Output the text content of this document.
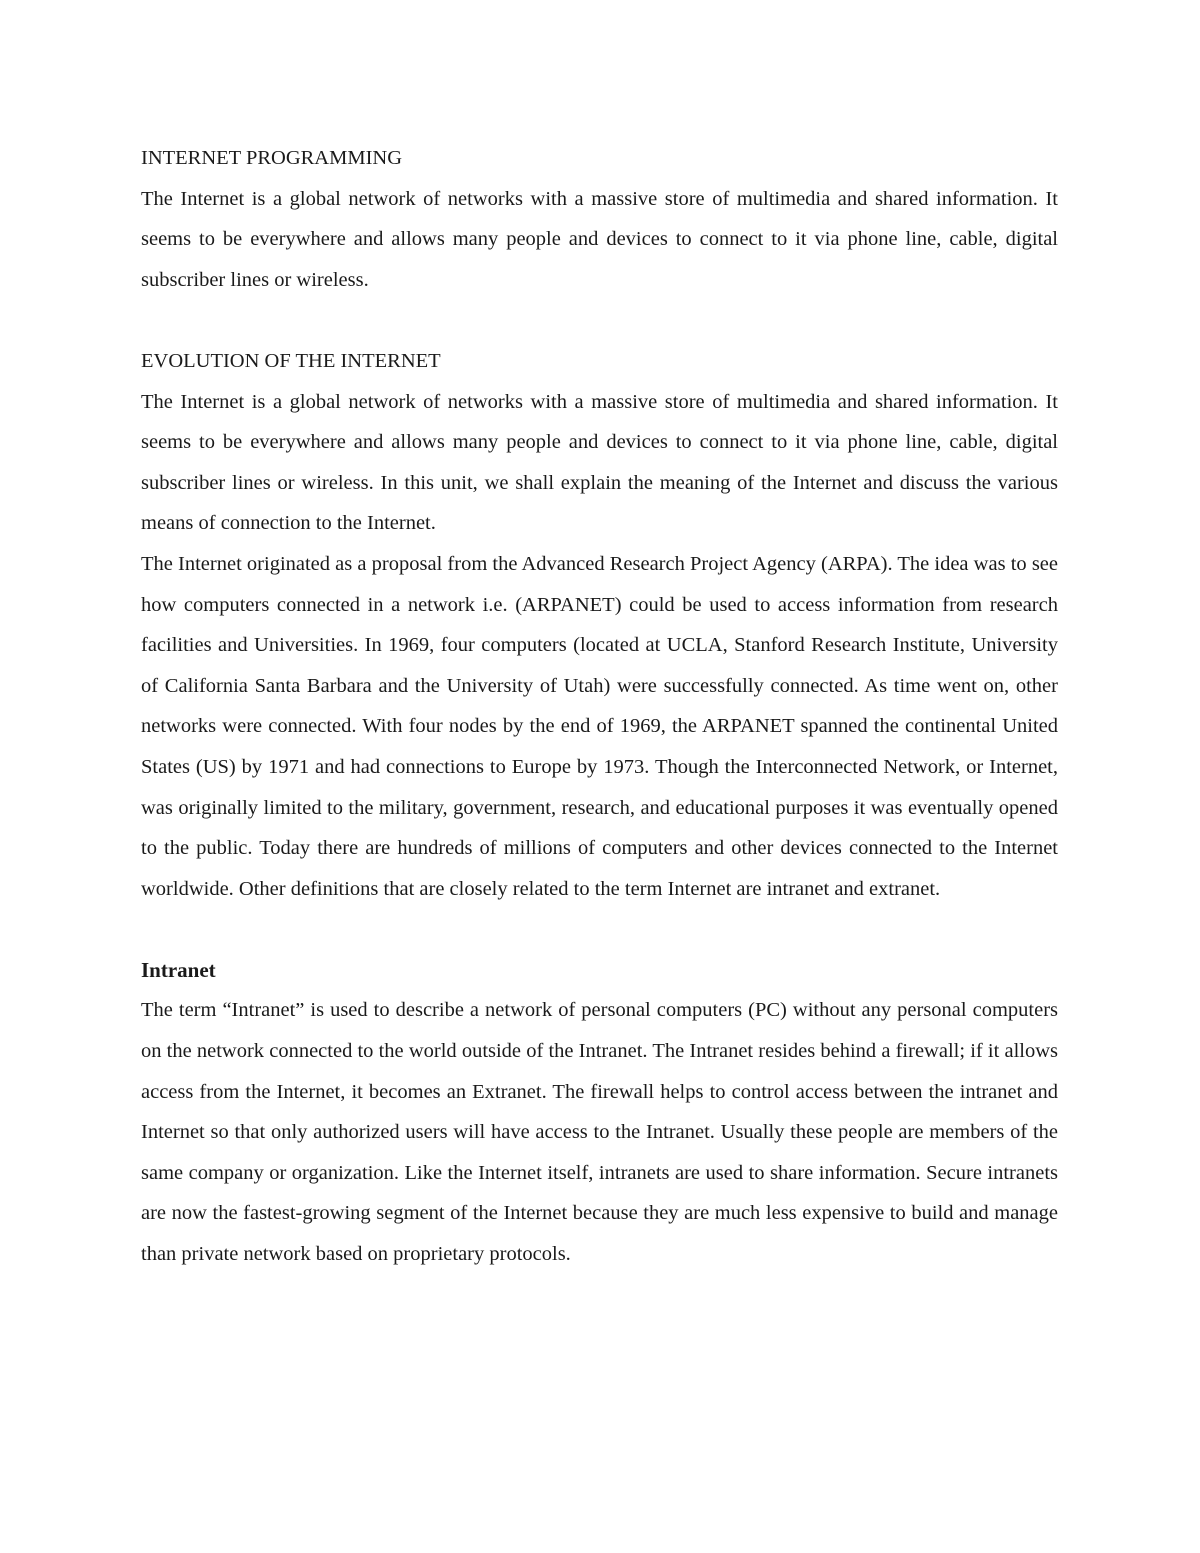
INTERNET PROGRAMMING

The Internet is a global network of networks with a massive store of multimedia and shared information. It seems to be everywhere and allows many people and devices to connect to it via phone line, cable, digital subscriber lines or wireless.

EVOLUTION OF THE INTERNET

The Internet is a global network of networks with a massive store of multimedia and shared information. It seems to be everywhere and allows many people and devices to connect to it via phone line, cable, digital subscriber lines or wireless. In this unit, we shall explain the meaning of the Internet and discuss the various means of connection to the Internet.

The Internet originated as a proposal from the Advanced Research Project Agency (ARPA). The idea was to see how computers connected in a network i.e. (ARPANET) could be used to access information from research facilities and Universities. In 1969, four computers (located at UCLA, Stanford Research Institute, University of California Santa Barbara and the University of Utah) were successfully connected. As time went on, other networks were connected. With four nodes by the end of 1969, the ARPANET spanned the continental United States (US) by 1971 and had connections to Europe by 1973. Though the Interconnected Network, or Internet, was originally limited to the military, government, research, and educational purposes it was eventually opened to the public. Today there are hundreds of millions of computers and other devices connected to the Internet worldwide. Other definitions that are closely related to the term Internet are intranet and extranet.

Intranet

The term “Intranet” is used to describe a network of personal computers (PC) without any personal computers on the network connected to the world outside of the Intranet. The Intranet resides behind a firewall; if it allows access from the Internet, it becomes an Extranet. The firewall helps to control access between the intranet and Internet so that only authorized users will have access to the Intranet. Usually these people are members of the same company or organization. Like the Internet itself, intranets are used to share information. Secure intranets are now the fastest-growing segment of the Internet because they are much less expensive to build and manage than private network based on proprietary protocols.
